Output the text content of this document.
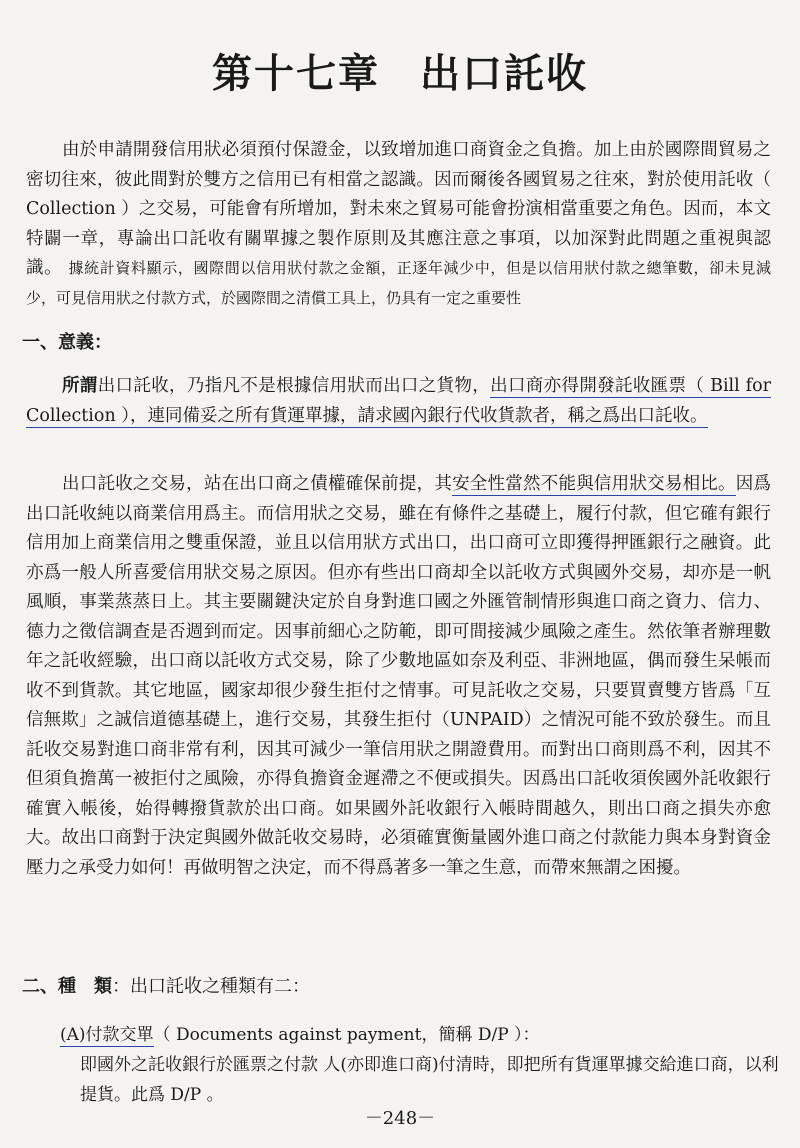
第十七章 出口託收
由於申請開發信用狀必須預付保證金，以致增加進口商資金之負擔。加上由於國際間貿易之密切往來，彼此間對於雙方之信用已有相當之認識。因而爾後各國貿易之往來，對於使用託收（ Collection ）之交易，可能會有所增加，對未來之貿易可能會扮演相當重要之角色。因而，本文特闢一章，專論出口託收有關單據之製作原則及其應注意之事項，以加深對此問題之重視與認識。 據統計資料顯示，國際間以信用狀付款之金額，正逐年減少中，但是以信用狀付款之總筆數，卻未見減少，可見信用狀之付款方式，於國際間之清償工具上，仍具有一定之重要性
一、意義：
所謂出口託收，乃指凡不是根據信用狀而出口之貨物，出口商亦得開發託收匯票（ Bill for Collection ），連同備妥之所有貨運單據，請求國內銀行代收貨款者，稱之爲出口託收。
出口託收之交易，站在出口商之債權確保前提，其安全性當然不能與信用狀交易相比。因爲出口託收純以商業信用爲主。而信用狀之交易，雖在有條件之基礎上，履行付款，但它確有銀行信用加上商業信用之雙重保證，並且以信用狀方式出口，出口商可立即獲得押匯銀行之融資。此亦爲一般人所喜愛信用狀交易之原因。但亦有些出口商却全以託收方式與國外交易，却亦是一帆風順，事業蒸蒸日上。其主要關鍵決定於自身對進口國之外匯管制情形與進口商之資力、信力、德力之徵信調查是否週到而定。因事前細心之防範，即可間接減少風險之產生。然依筆者辦理數年之託收經驗，出口商以託收方式交易，除了少數地區如奈及利亞、非洲地區，偶而發生呆帳而收不到貨款。其它地區，國家却很少發生拒付之情事。可見託收之交易，只要買賣雙方皆爲「互信無欺」之誠信道德基礎上，進行交易，其發生拒付（UNPAID）之情況可能不致於發生。而且託收交易對進口商非常有利，因其可減少一筆信用狀之開證費用。而對出口商則爲不利，因其不但須負擔萬一被拒付之風險，亦得負擔資金遲滯之不便或損失。因爲出口託收須俟國外託收銀行確實入帳後，始得轉撥貨款於出口商。如果國外託收銀行入帳時間越久，則出口商之損失亦愈大。故出口商對于決定與國外做託收交易時，必須確實衡量國外進口商之付款能力與本身對資金壓力之承受力如何！再做明智之決定，而不得爲著多一筆之生意，而帶來無謂之困擾。
二、種　類：出口託收之種類有二：
(A)付款交單（ Documents against payment，簡稱 D/P ）：
即國外之託收銀行於匯票之付款 人(亦即進口商)付清時，即把所有貨運單據交給進口商，以利提貨。此爲 D/P 。
－248－
